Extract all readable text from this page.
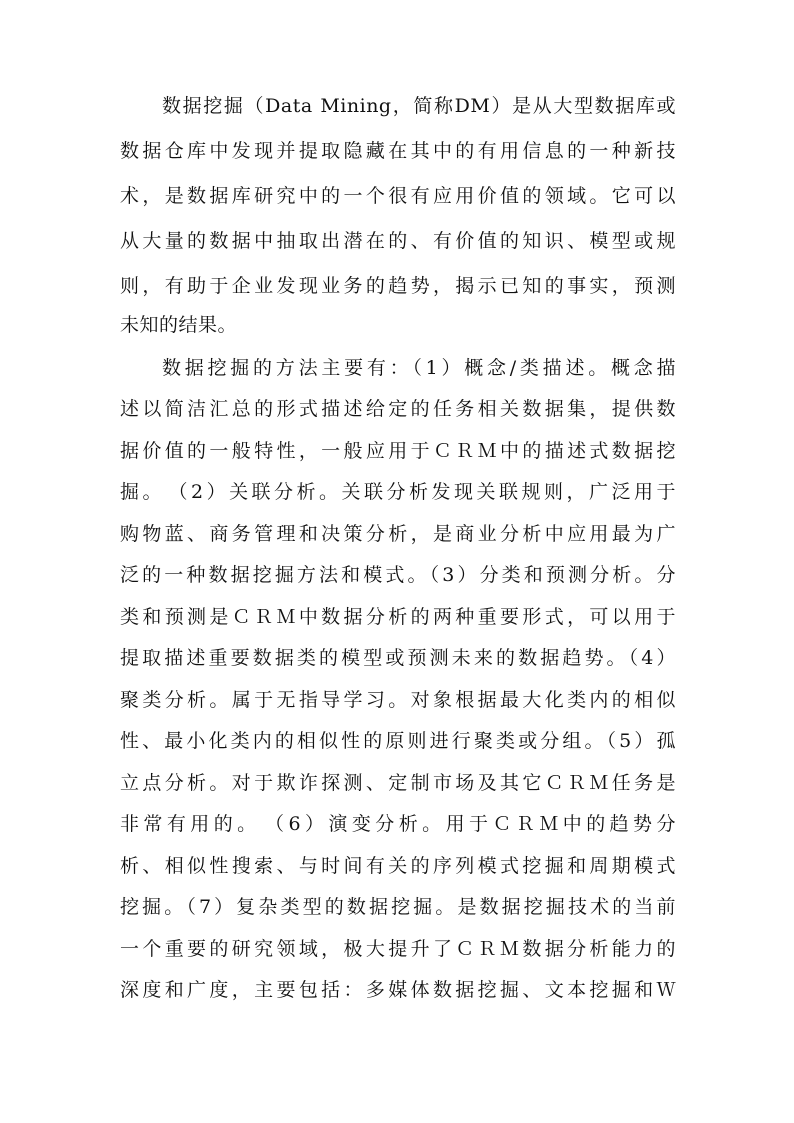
数据挖掘（Data Mining，简称DM）是从大型数据库或
数据仓库中发现并提取隐藏在其中的有用信息的一种新技
术，是数据库研究中的一个很有应用价值的领域。它可以
从大量的数据中抽取出潜在的、有价值的知识、模型或规
则，有助于企业发现业务的趋势，揭示已知的事实，预测
未知的结果。
数据挖掘的方法主要有：（1）概念/类描述。概念描
述以简洁汇总的形式描述给定的任务相关数据集，提供数
据价值的一般特性，一般应用于ＣＲＭ中的描述式数据挖
掘。　（2）关联分析。关联分析发现关联规则，广泛用于
购物蓝、商务管理和决策分析，是商业分析中应用最为广
泛的一种数据挖掘方法和模式。（3）分类和预测分析。分
类和预测是ＣＲＭ中数据分析的两种重要形式，可以用于
提取描述重要数据类的模型或预测未来的数据趋势。（4）
聚类分析。属于无指导学习。对象根据最大化类内的相似
性、最小化类内的相似性的原则进行聚类或分组。（5）孤
立点分析。对于欺诈探测、定制市场及其它ＣＲＭ任务是
非常有用的。　（6）演变分析。用于ＣＲＭ中的趋势分
析、相似性搜索、与时间有关的序列模式挖掘和周期模式
挖掘。（7）复杂类型的数据挖掘。是数据挖掘技术的当前
一个重要的研究领域，极大提升了ＣＲＭ数据分析能力的
深度和广度，主要包括：多媒体数据挖掘、文本挖掘和Ｗ
